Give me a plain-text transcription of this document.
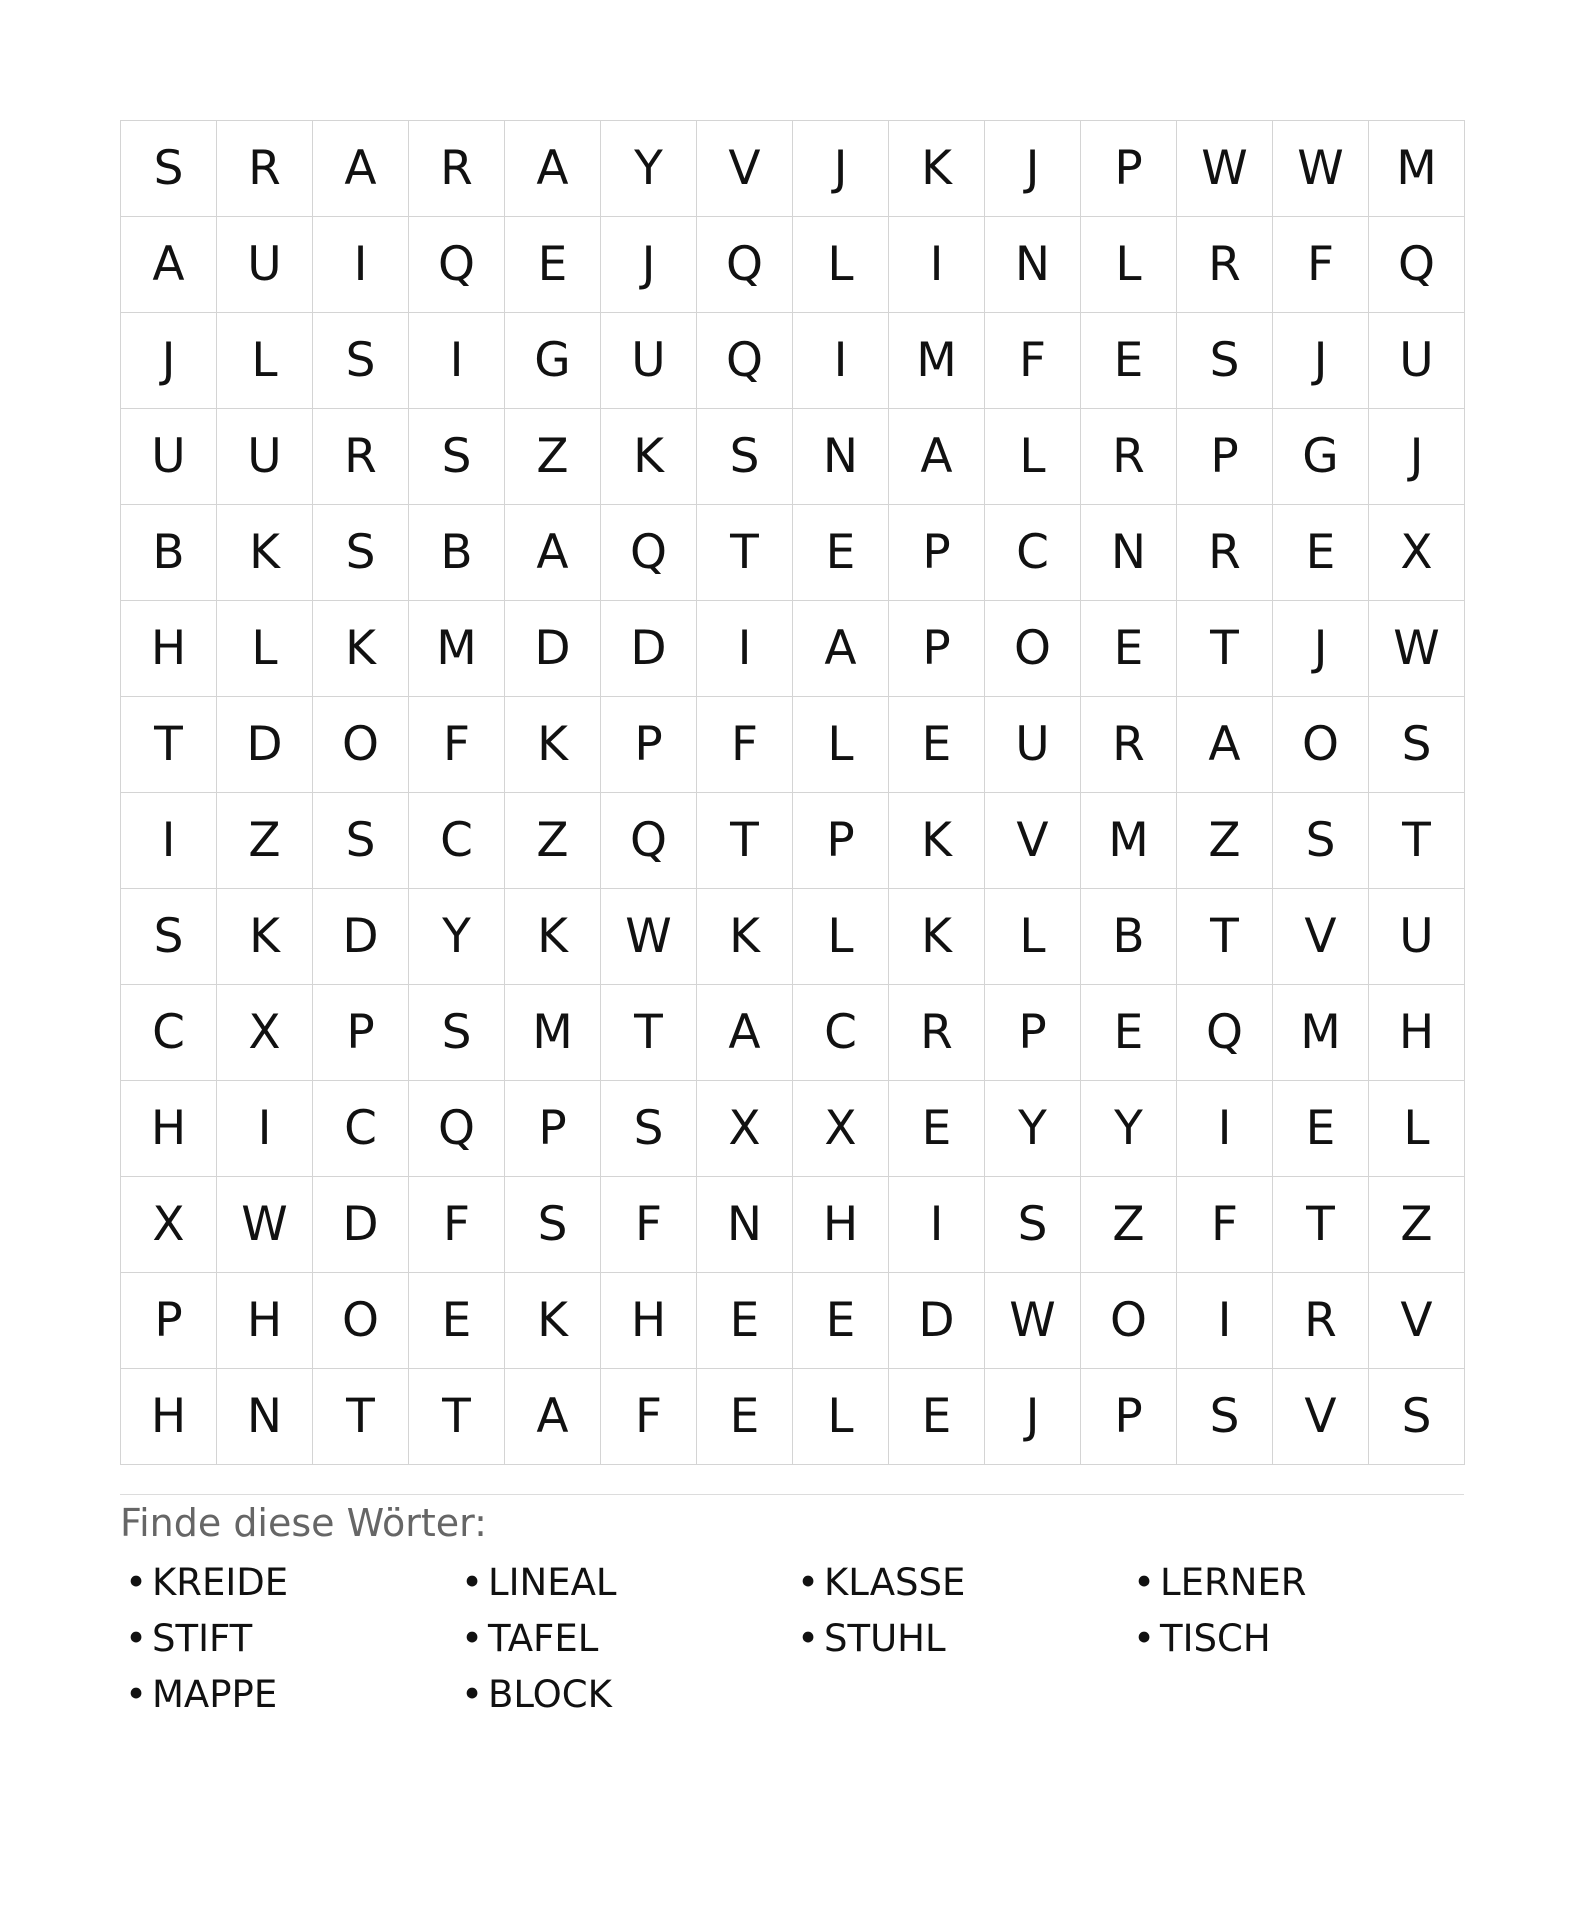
S	R	A	R	A	Y	V	J	K	J	P	W	W	M
A	U	I	Q	E	J	Q	L	I	N	L	R	F	Q
J	L	S	I	G	U	Q	I	M	F	E	S	J	U
U	U	R	S	Z	K	S	N	A	L	R	P	G	J
B	K	S	B	A	Q	T	E	P	C	N	R	E	X
H	L	K	M	D	D	I	A	P	O	E	T	J	W
T	D	O	F	K	P	F	L	E	U	R	A	O	S
I	Z	S	C	Z	Q	T	P	K	V	M	Z	S	T
S	K	D	Y	K	W	K	L	K	L	B	T	V	U
C	X	P	S	M	T	A	C	R	P	E	Q	M	H
H	I	C	Q	P	S	X	X	E	Y	Y	I	E	L
X	W	D	F	S	F	N	H	I	S	Z	F	T	Z
P	H	O	E	K	H	E	E	D	W	O	I	R	V
H	N	T	T	A	F	E	L	E	J	P	S	V	S
Finde diese Wörter:
• KREIDE	• LINEAL	• KLASSE	• LERNER
• STIFT	• TAFEL	• STUHL	• TISCH
• MAPPE	• BLOCK
